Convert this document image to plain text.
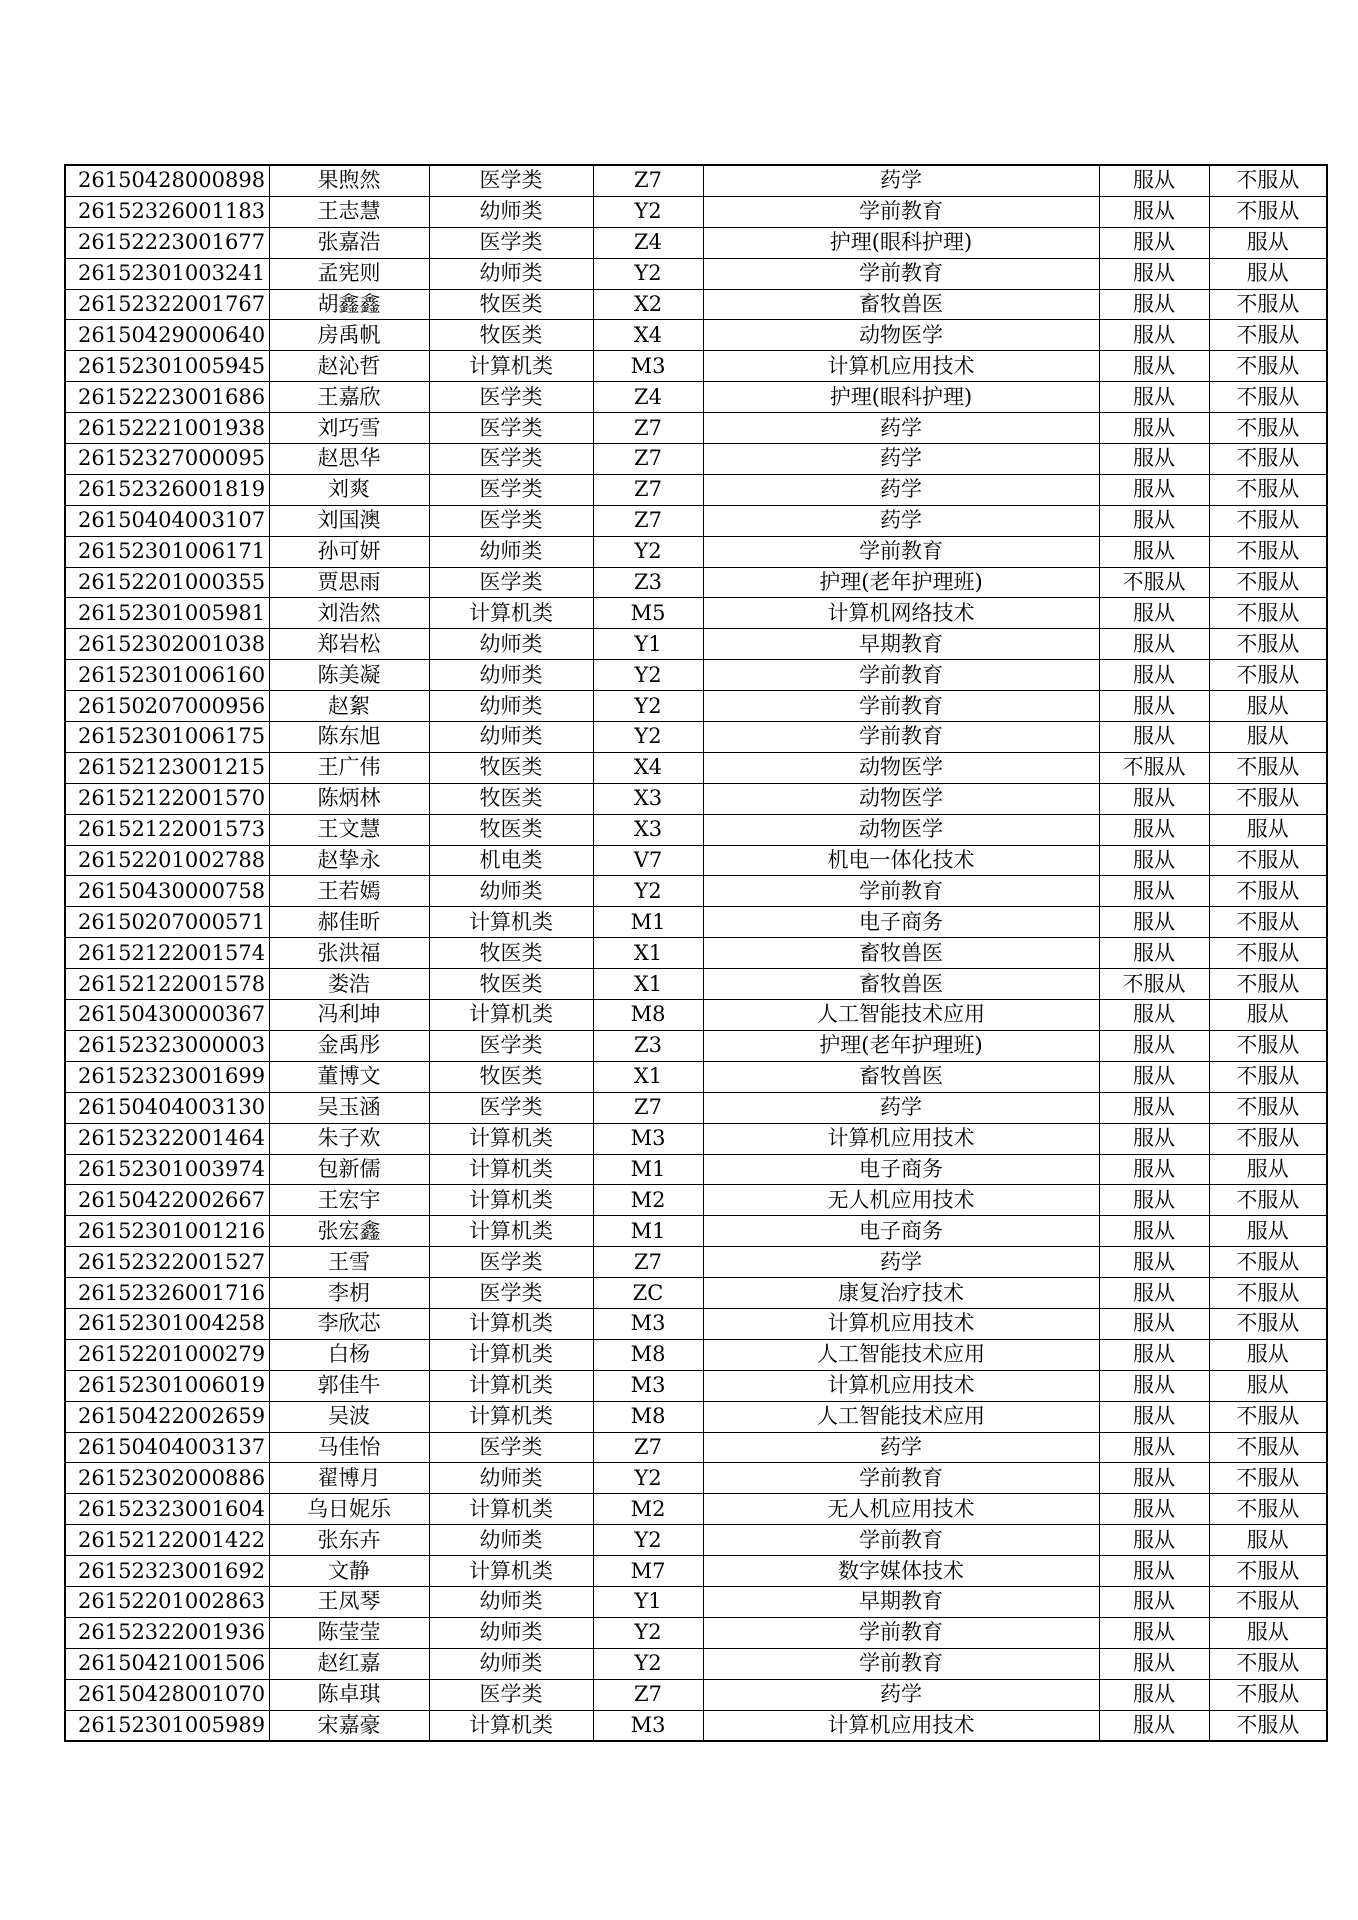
26150428000898	果煦然	医学类	Z7	药学	服从	不服从
26152326001183	王志慧	幼师类	Y2	学前教育	服从	不服从
26152223001677	张嘉浩	医学类	Z4	护理(眼科护理)	服从	服从
26152301003241	孟宪则	幼师类	Y2	学前教育	服从	服从
26152322001767	胡鑫鑫	牧医类	X2	畜牧兽医	服从	不服从
26150429000640	房禹帆	牧医类	X4	动物医学	服从	不服从
26152301005945	赵沁哲	计算机类	M3	计算机应用技术	服从	不服从
26152223001686	王嘉欣	医学类	Z4	护理(眼科护理)	服从	不服从
26152221001938	刘巧雪	医学类	Z7	药学	服从	不服从
26152327000095	赵思华	医学类	Z7	药学	服从	不服从
26152326001819	刘爽	医学类	Z7	药学	服从	不服从
26150404003107	刘国澳	医学类	Z7	药学	服从	不服从
26152301006171	孙可妍	幼师类	Y2	学前教育	服从	不服从
26152201000355	贾思雨	医学类	Z3	护理(老年护理班)	不服从	不服从
26152301005981	刘浩然	计算机类	M5	计算机网络技术	服从	不服从
26152302001038	郑岩松	幼师类	Y1	早期教育	服从	不服从
26152301006160	陈美凝	幼师类	Y2	学前教育	服从	不服从
26150207000956	赵絮	幼师类	Y2	学前教育	服从	服从
26152301006175	陈东旭	幼师类	Y2	学前教育	服从	服从
26152123001215	王广伟	牧医类	X4	动物医学	不服从	不服从
26152122001570	陈炳林	牧医类	X3	动物医学	服从	不服从
26152122001573	王文慧	牧医类	X3	动物医学	服从	服从
26152201002788	赵挚永	机电类	V7	机电一体化技术	服从	不服从
26150430000758	王若嫣	幼师类	Y2	学前教育	服从	不服从
26150207000571	郝佳昕	计算机类	M1	电子商务	服从	不服从
26152122001574	张洪福	牧医类	X1	畜牧兽医	服从	不服从
26152122001578	娄浩	牧医类	X1	畜牧兽医	不服从	不服从
26150430000367	冯利坤	计算机类	M8	人工智能技术应用	服从	服从
26152323000003	金禹彤	医学类	Z3	护理(老年护理班)	服从	不服从
26152323001699	董博文	牧医类	X1	畜牧兽医	服从	不服从
26150404003130	吴玉涵	医学类	Z7	药学	服从	不服从
26152322001464	朱子欢	计算机类	M3	计算机应用技术	服从	不服从
26152301003974	包新儒	计算机类	M1	电子商务	服从	服从
26150422002667	王宏宇	计算机类	M2	无人机应用技术	服从	不服从
26152301001216	张宏鑫	计算机类	M1	电子商务	服从	服从
26152322001527	王雪	医学类	Z7	药学	服从	不服从
26152326001716	李枂	医学类	ZC	康复治疗技术	服从	不服从
26152301004258	李欣芯	计算机类	M3	计算机应用技术	服从	不服从
26152201000279	白杨	计算机类	M8	人工智能技术应用	服从	服从
26152301006019	郭佳牛	计算机类	M3	计算机应用技术	服从	服从
26150422002659	吴波	计算机类	M8	人工智能技术应用	服从	不服从
26150404003137	马佳怡	医学类	Z7	药学	服从	不服从
26152302000886	翟博月	幼师类	Y2	学前教育	服从	不服从
26152323001604	乌日妮乐	计算机类	M2	无人机应用技术	服从	不服从
26152122001422	张东卉	幼师类	Y2	学前教育	服从	服从
26152323001692	文静	计算机类	M7	数字媒体技术	服从	不服从
26152201002863	王凤琴	幼师类	Y1	早期教育	服从	不服从
26152322001936	陈莹莹	幼师类	Y2	学前教育	服从	服从
26150421001506	赵红嘉	幼师类	Y2	学前教育	服从	不服从
26150428001070	陈卓琪	医学类	Z7	药学	服从	不服从
26152301005989	宋嘉豪	计算机类	M3	计算机应用技术	服从	不服从
